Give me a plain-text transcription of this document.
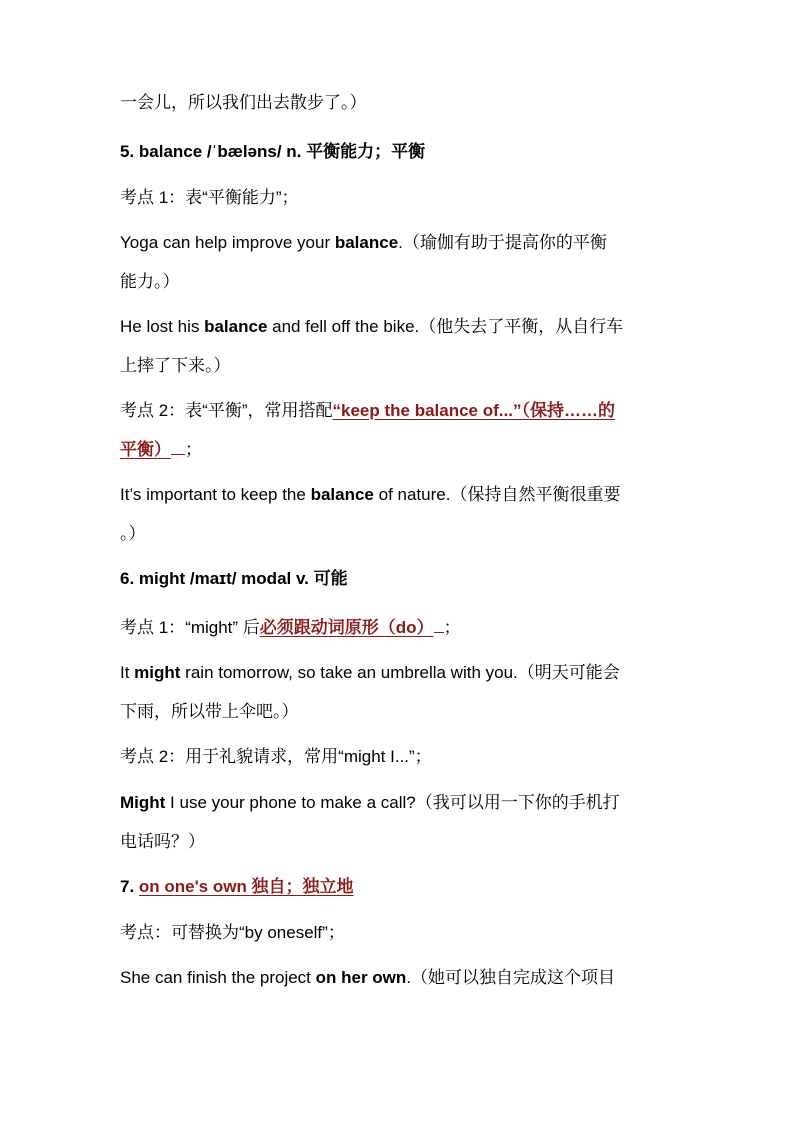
一会儿，所以我们出去散步了。）
5. balance /ˈbæləns/ n. 平衡能力；平衡
考点 1：表“平衡能力”；
Yoga can help improve your balance.（瑜伽有助于提高你的平衡
能力。）
He lost his balance and fell off the bike.（他失去了平衡，从自行车
上摔了下来。）
考点 2：表“平衡”，常用搭配“keep the balance of...”（保持……的
平衡） ；
It’s important to keep the balance of nature.（保持自然平衡很重要
。）
6. might /maɪt/ modal v. 可能
考点 1：“might” 后必须跟动词原形（do） ；
It might rain tomorrow, so take an umbrella with you.（明天可能会
下雨，所以带上伞吧。）
考点 2：用于礼貌请求，常用“might I...”；
Might I use your phone to make a call?（我可以用一下你的手机打
电话吗？）
7. on one's own 独自；独立地
考点：可替换为“by oneself”；
She can finish the project on her own.（她可以独自完成这个项目
